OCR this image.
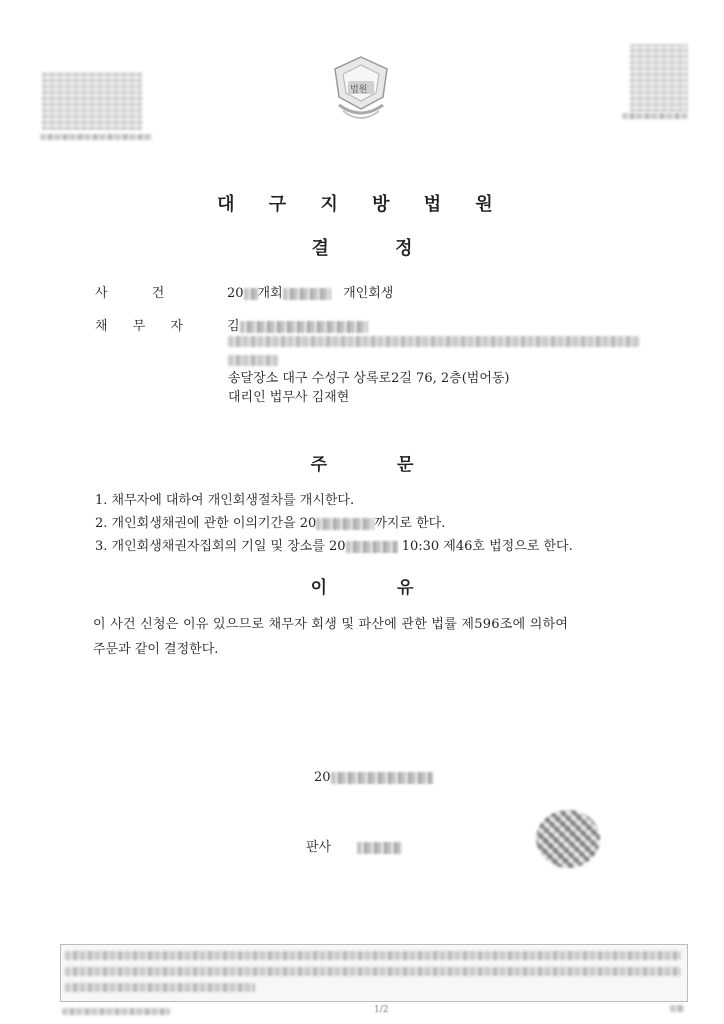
법원
대 구 지 방 법 원
결 정
사 건	20 개회	개인회생
채 무 자	김
송달장소 대구 수성구 상록로2길 76, 2층(범어동)
대리인 법무사 김재현
주 문
1. 채무자에 대하여 개인회생절차를 개시한다.
2. 개인회생채권에 관한 이의기간을 20	까지로 한다.
3. 개인회생채권자집회의 기일 및 장소를 20	10:30 제46호 법정으로 한다.
이 유
이 사건 신청은 이유 있으므로 채무자 회생 및 파산에 관한 법률 제596조에 의하여
주문과 같이 결정한다.
20
판사
1/2
